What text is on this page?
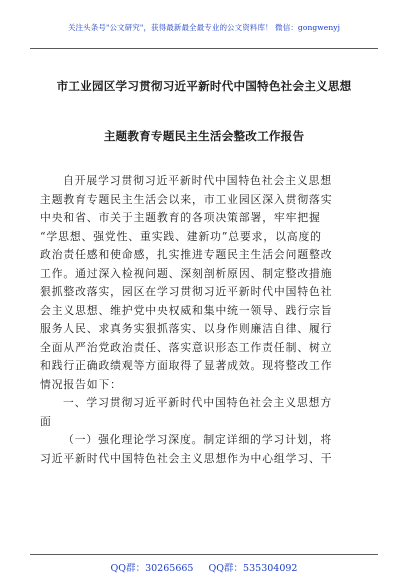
关注头条号"公文研究"，获得最新最全最专业的公文资料库！ 微信：gongwenyj
市工业园区学习贯彻习近平新时代中国特色社会主义思想
主题教育专题民主生活会整改工作报告

自开展学习贯彻习近平新时代中国特色社会主义思想

主题教育专题民主生活会以来，市工业园区深入贯彻落实

中央和省、市关于主题教育的各项决策部署，牢牢把握

“学思想、强党性、重实践、建新功”总要求，以高度的

政治责任感和使命感，扎实推进专题民主生活会问题整改

工作。通过深入检视问题、深刻剖析原因、制定整改措施

狠抓整改落实，园区在学习贯彻习近平新时代中国特色社

会主义思想、维护党中央权威和集中统一领导、践行宗旨

服务人民、求真务实狠抓落实、以身作则廉洁自律、履行

全面从严治党政治责任、落实意识形态工作责任制、树立

和践行正确政绩观等方面取得了显著成效。现将整改工作

情况报告如下：

一、学习贯彻习近平新时代中国特色社会主义思想方

面

（一）强化理论学习深度。制定详细的学习计划，将

习近平新时代中国特色社会主义思想作为中心组学习、干

QQ群：30265665 QQ群：535304092
